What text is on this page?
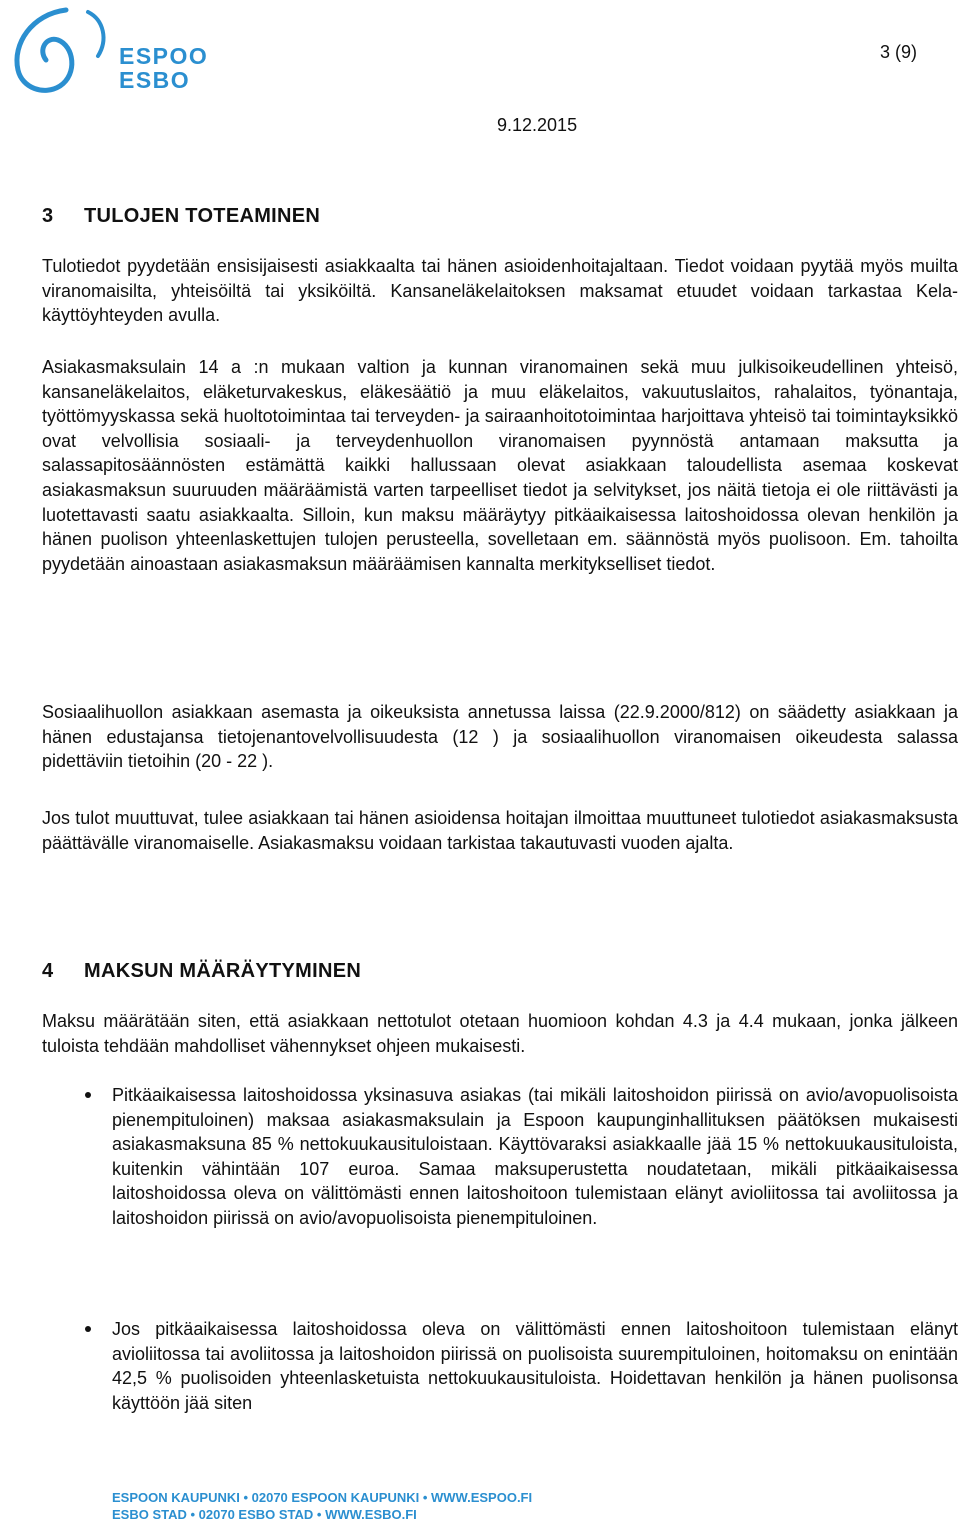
ESPOO
ESBO
3 (9)
9.12.2015
3 TULOJEN TOTEAMINEN

Tulotiedot pyydetään ensisijaisesti asiakkaalta tai hänen asioidenhoitajaltaan. Tiedot voidaan pyytää myös muilta viranomaisilta, yhteisöiltä tai yksiköiltä. Kansaneläkelaitoksen maksamat etuudet voidaan tarkastaa Kela-käyttöyhteyden avulla.

Asiakasmaksulain 14 a :n mukaan valtion ja kunnan viranomainen sekä muu julkisoikeudellinen yhteisö, kansaneläkelaitos, eläketurvakeskus, eläkesäätiö ja muu eläkelaitos, vakuutuslaitos, rahalaitos, työnantaja, työttömyyskassa sekä huoltotoimintaa tai terveyden- ja sairaanhoitotoimintaa harjoittava yhteisö tai toimintayksikkö ovat velvollisia sosiaali- ja terveydenhuollon viranomaisen pyynnöstä antamaan maksutta ja salassapitosäännösten estämättä kaikki hallussaan olevat asiakkaan taloudellista asemaa koskevat asiakasmaksun suuruuden määräämistä varten tarpeelliset tiedot ja selvitykset, jos näitä tietoja ei ole riittävästi ja luotettavasti saatu asiakkaalta. Silloin, kun maksu määräytyy pitkäaikaisessa laitoshoidossa olevan henkilön ja hänen puolison yhteenlaskettujen tulojen perusteella, sovelletaan em. säännöstä myös puolisoon. Em. tahoilta pyydetään ainoastaan asiakasmaksun määräämisen kannalta merkitykselliset tiedot.

Sosiaalihuollon asiakkaan asemasta ja oikeuksista annetussa laissa (22.9.2000/812) on säädetty asiakkaan ja hänen edustajansa tietojenantovelvollisuudesta (12 ) ja sosiaalihuollon viranomaisen oikeudesta salassa pidettäviin tietoihin (20 - 22 ).

Jos tulot muuttuvat, tulee asiakkaan tai hänen asioidensa hoitajan ilmoittaa muuttuneet tulotiedot asiakasmaksusta päättävälle viranomaiselle. Asiakasmaksu voidaan tarkistaa takautuvasti vuoden ajalta.

4 MAKSUN MÄÄRÄYTYMINEN

Maksu määrätään siten, että asiakkaan nettotulot otetaan huomioon kohdan 4.3 ja 4.4 mukaan, jonka jälkeen tuloista tehdään mahdolliset vähennykset ohjeen mukaisesti.

Pitkäaikaisessa laitoshoidossa yksinasuva asiakas (tai mikäli laitoshoidon piirissä on avio/avopuolisoista pienempituloinen) maksaa asiakasmaksulain ja Espoon kaupunginhallituksen päätöksen mukaisesti asiakasmaksuna 85 % nettokuukausituloistaan. Käyttövaraksi asiakkaalle jää 15 % nettokuukausituloista, kuitenkin vähintään 107 euroa. Samaa maksuperustetta noudatetaan, mikäli pitkäaikaisessa laitoshoidossa oleva on välittömästi ennen laitoshoitoon tulemistaan elänyt avioliitossa tai avoliitossa ja laitoshoidon piirissä on avio/avopuolisoista pienempituloinen.

Jos pitkäaikaisessa laitoshoidossa oleva on välittömästi ennen laitoshoitoon tulemistaan elänyt avioliitossa tai avoliitossa ja laitoshoidon piirissä on puolisoista suurempituloinen, hoitomaksu on enintään 42,5 % puolisoiden yhteenlasketuista nettokuukausituloista. Hoidettavan henkilön ja hänen puolisonsa käyttöön jää siten

ESPOON KAUPUNKI • 02070 ESPOON KAUPUNKI • WWW.ESPOO.FI
ESBO STAD • 02070 ESBO STAD • WWW.ESBO.FI
